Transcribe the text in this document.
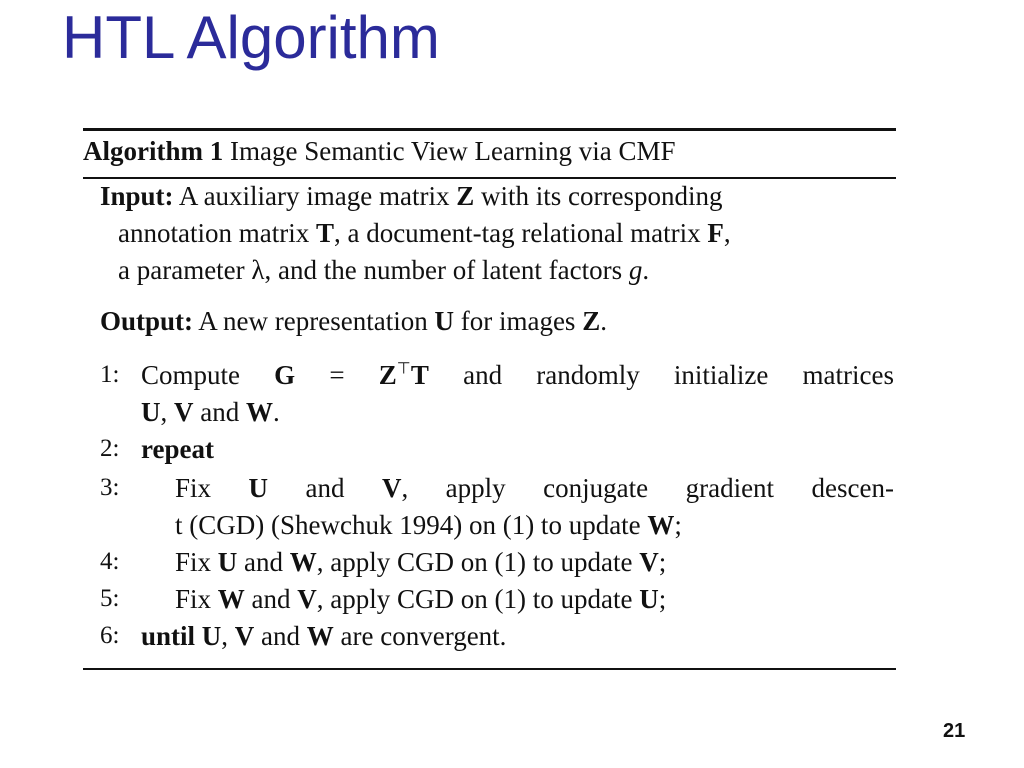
HTL Algorithm
Algorithm 1 Image Semantic View Learning via CMF
Input: A auxiliary image matrix Z with its corresponding
annotation matrix T, a document-tag relational matrix F,
a parameter λ, and the number of latent factors g.
Output: A new representation U for images Z.
1: Compute G = Z⊤T and randomly initialize matrices
U, V and W.
2: repeat
3: Fix U and V, apply conjugate gradient descen-
t (CGD) (Shewchuk 1994) on (1) to update W;
4: Fix U and W, apply CGD on (1) to update V;
5: Fix W and V, apply CGD on (1) to update U;
6: until U, V and W are convergent.
21
